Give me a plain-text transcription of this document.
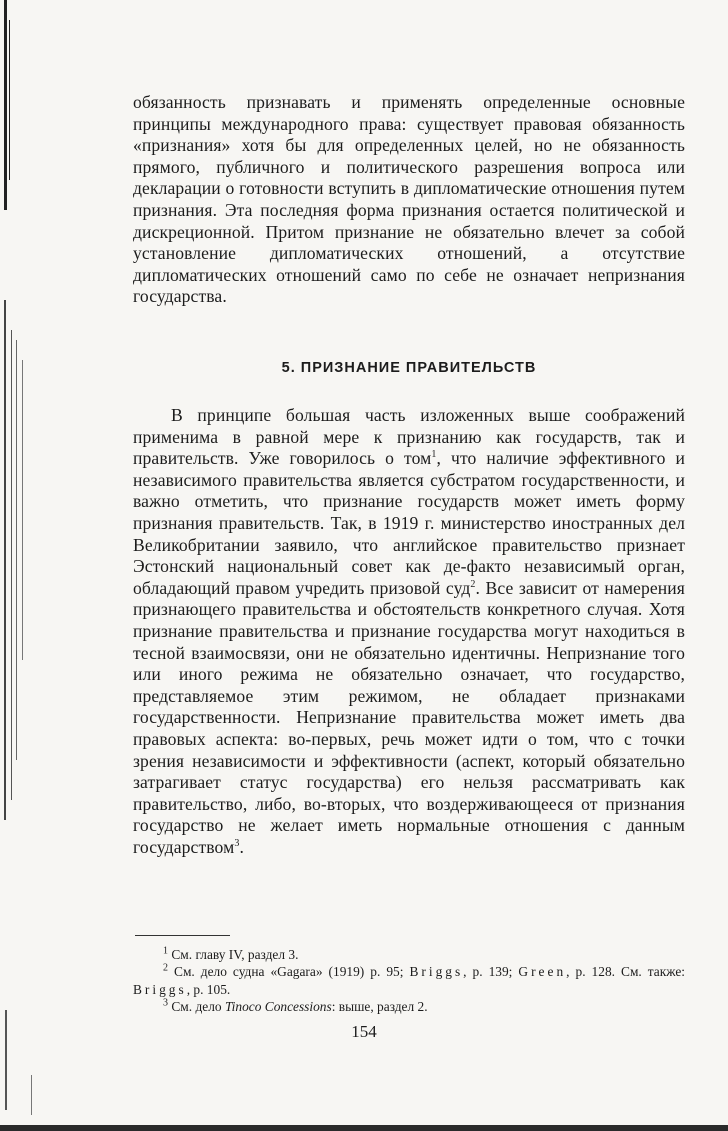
обязанность признавать и применять определенные основные принципы международного права: существует правовая обязанность «признания» хотя бы для определенных целей, но не обязанность прямого, публичного и политического разрешения вопроса или декларации о готовности вступить в дипломатические отношения путем признания. Эта последняя форма признания остается политической и дискреционной. Притом признание не обязательно влечет за собой установление дипломатических отношений, а отсутствие дипломатических отношений само по себе не означает непризнания государства.

5. ПРИЗНАНИЕ ПРАВИТЕЛЬСТВ

В принципе большая часть изложенных выше соображений применима в равной мере к признанию как государств, так и правительств. Уже говорилось о том$^1$, что наличие эффективного и независимого правительства является субстратом государственности, и важно отметить, что признание государств может иметь форму признания правительств. Так, в 1919 г. министерство иностранных дел Великобритании заявило, что английское правительство признает Эстонский национальный совет как де-факто независимый орган, обладающий правом учредить призовой суд$^2$. Все зависит от намерения признающего правительства и обстоятельств конкретного случая. Хотя признание правительства и признание государства могут находиться в тесной взаимосвязи, они не обязательно идентичны. Непризнание того или иного режима не обязательно означает, что государство, представляемое этим режимом, не обладает признаками государственности. Непризнание правительства может иметь два правовых аспекта: во-первых, речь может идти о том, что с точки зрения независимости и эффективности (аспект, который обязательно затрагивает статус государства) его нельзя рассматривать как правительство, либо, во-вторых, что воздерживающееся от признания государство не желает иметь нормальные отношения с данным государством$^3$.

$^1$ См. главу IV, раздел 3.

$^2$ См. дело судна «Gagara» (1919) р. 95; Briggs, р. 139; Green, р. 128. См. также: Briggs, р. 105.

$^3$ См. дело Tinoco Concessions: выше, раздел 2.

154
